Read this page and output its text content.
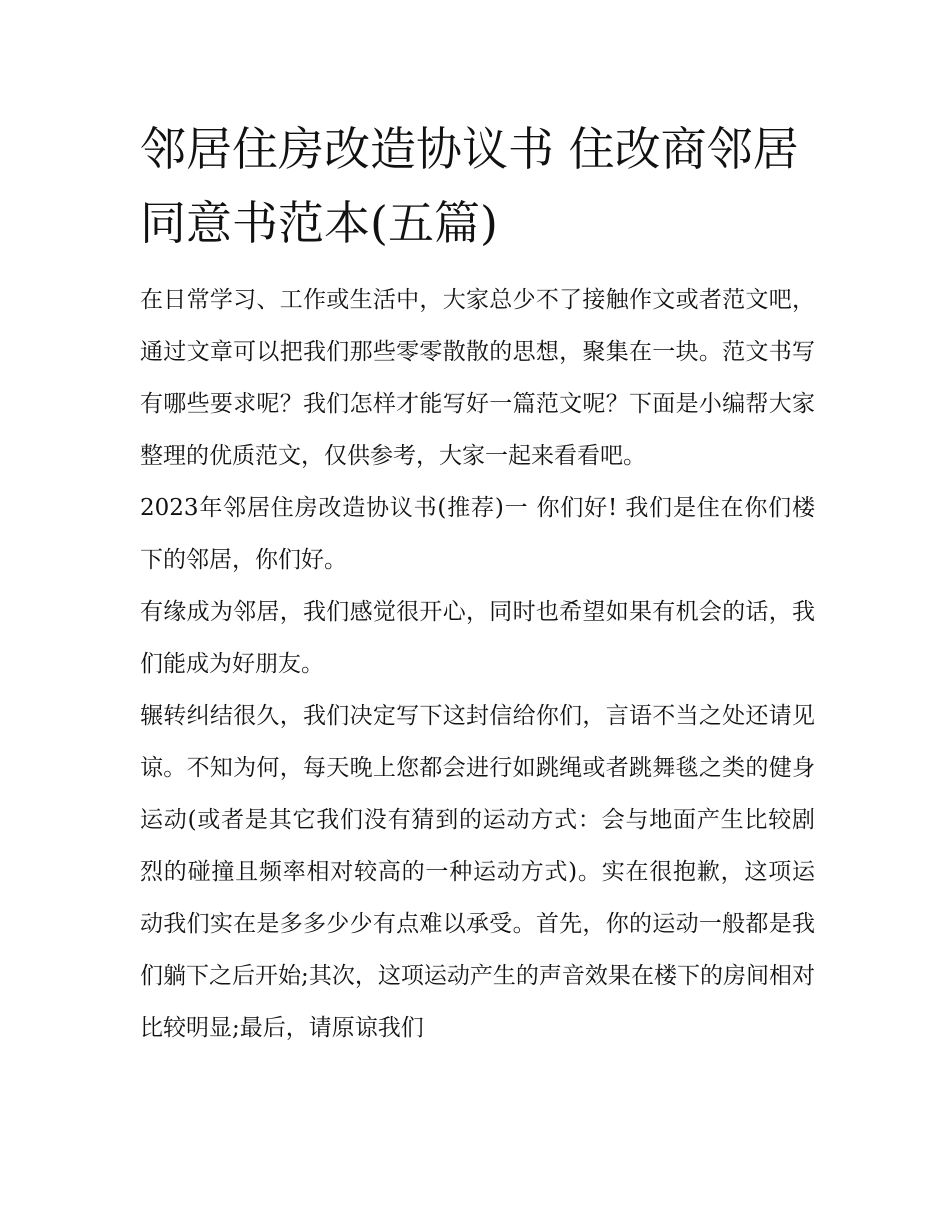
邻居住房改造协议书 住改商邻居同意书范本(五篇)

在日常学习、工作或生活中，大家总少不了接触作文或者范文吧，通过文章可以把我们那些零零散散的思想，聚集在一块。范文书写有哪些要求呢？我们怎样才能写好一篇范文呢？下面是小编帮大家整理的优质范文，仅供参考，大家一起来看看吧。

2023年邻居住房改造协议书(推荐)一 你们好! 我们是住在你们楼下的邻居，你们好。

有缘成为邻居，我们感觉很开心，同时也希望如果有机会的话，我们能成为好朋友。

辗转纠结很久，我们决定写下这封信给你们，言语不当之处还请见谅。不知为何，每天晚上您都会进行如跳绳或者跳舞毯之类的健身运动(或者是其它我们没有猜到的运动方式：会与地面产生比较剧烈的碰撞且频率相对较高的一种运动方式)。实在很抱歉，这项运动我们实在是多多少少有点难以承受。首先，你的运动一般都是我们躺下之后开始;其次，这项运动产生的声音效果在楼下的房间相对比较明显;最后，请原谅我们
